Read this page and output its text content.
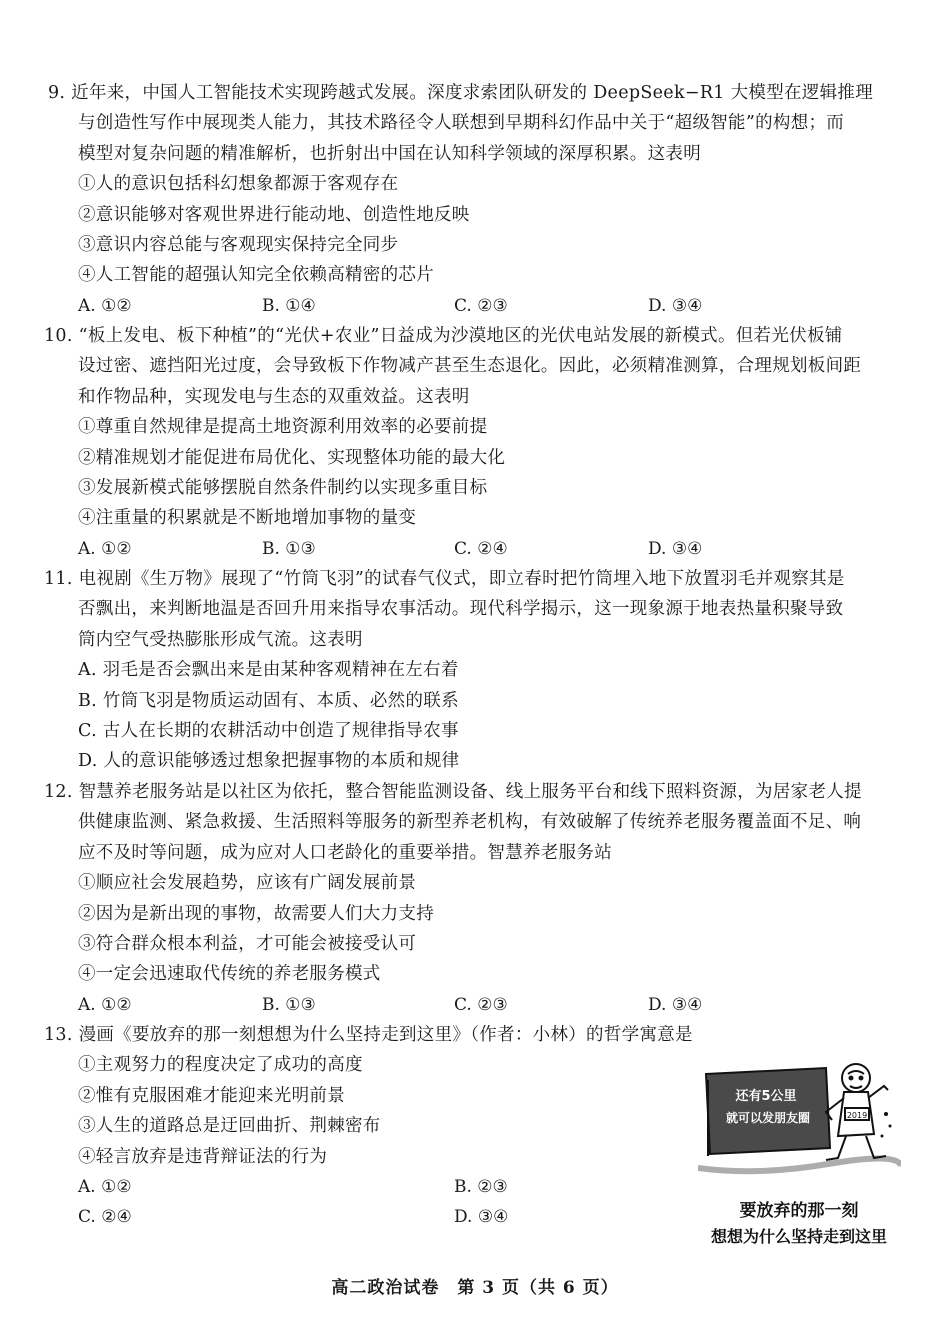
9. 近年来，中国人工智能技术实现跨越式发展。深度求索团队研发的 DeepSeek−R1 大模型在逻辑推理
与创造性写作中展现类人能力，其技术路径令人联想到早期科幻作品中关于“超级智能”的构想；而
模型对复杂问题的精准解析，也折射出中国在认知科学领域的深厚积累。这表明
①人的意识包括科幻想象都源于客观存在
②意识能够对客观世界进行能动地、创造性地反映
③意识内容总能与客观现实保持完全同步
④人工智能的超强认知完全依赖高精密的芯片
A. ①②	B. ①④	C. ②③	D. ③④
10. “板上发电、板下种植”的“光伏+农业”日益成为沙漠地区的光伏电站发展的新模式。但若光伏板铺
设过密、遮挡阳光过度，会导致板下作物减产甚至生态退化。因此，必须精准测算，合理规划板间距
和作物品种，实现发电与生态的双重效益。这表明
①尊重自然规律是提高土地资源利用效率的必要前提
②精准规划才能促进布局优化、实现整体功能的最大化
③发展新模式能够摆脱自然条件制约以实现多重目标
④注重量的积累就是不断地增加事物的量变
A. ①②	B. ①③	C. ②④	D. ③④
11. 电视剧《生万物》展现了“竹筒飞羽”的试春气仪式，即立春时把竹筒埋入地下放置羽毛并观察其是
否飘出，来判断地温是否回升用来指导农事活动。现代科学揭示，这一现象源于地表热量积聚导致
筒内空气受热膨胀形成气流。这表明
A. 羽毛是否会飘出来是由某种客观精神在左右着
B. 竹筒飞羽是物质运动固有、本质、必然的联系
C. 古人在长期的农耕活动中创造了规律指导农事
D. 人的意识能够透过想象把握事物的本质和规律
12. 智慧养老服务站是以社区为依托，整合智能监测设备、线上服务平台和线下照料资源，为居家老人提
供健康监测、紧急救援、生活照料等服务的新型养老机构，有效破解了传统养老服务覆盖面不足、响
应不及时等问题，成为应对人口老龄化的重要举措。智慧养老服务站
①顺应社会发展趋势，应该有广阔发展前景
②因为是新出现的事物，故需要人们大力支持
③符合群众根本利益，才可能会被接受认可
④一定会迅速取代传统的养老服务模式
A. ①②	B. ①③	C. ②③	D. ③④
13. 漫画《要放弃的那一刻想想为什么坚持走到这里》（作者：小林）的哲学寓意是
①主观努力的程度决定了成功的高度
②惟有克服困难才能迎来光明前景
③人生的道路总是迂回曲折、荆棘密布
④轻言放弃是违背辩证法的行为
A. ①②	B. ②③
C. ②④	D. ③④
还有5公里
就可以发朋友圈	2019
要放弃的那一刻
想想为什么坚持走到这里
高二政治试卷　第 3 页（共 6 页）
